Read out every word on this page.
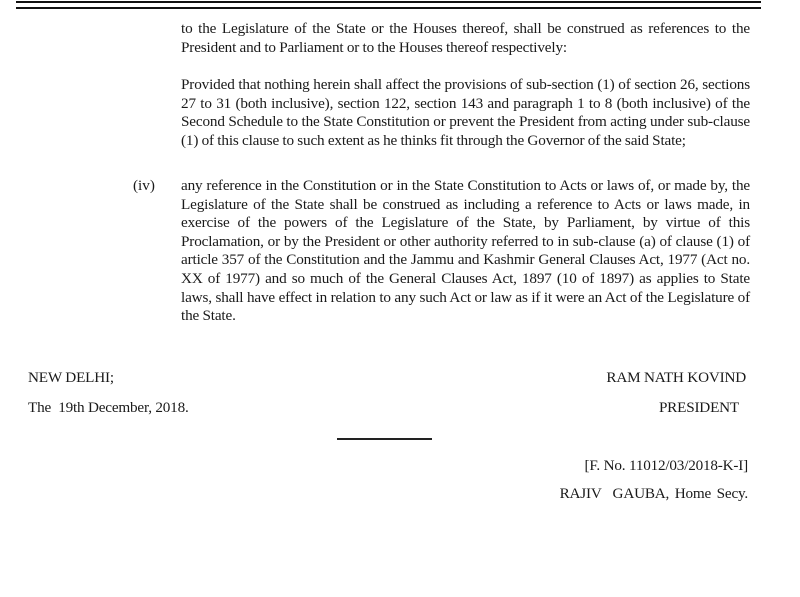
to the Legislature of the State or the Houses thereof, shall be construed as references to the President and to Parliament or to the Houses thereof respectively:
Provided that nothing herein shall affect the provisions of sub-section (1) of section 26, sections 27 to 31 (both inclusive), section 122, section 143 and paragraph 1 to 8 (both inclusive) of the Second Schedule to the State Constitution or prevent the President from acting under sub-clause (1) of this clause to such extent as he thinks fit through the Governor of the said State;
(iv) any reference in the Constitution or in the State Constitution to Acts or laws of, or made by, the Legislature of the State shall be construed as including a reference to Acts or laws made, in exercise of the powers of the Legislature of the State, by Parliament, by virtue of this Proclamation, or by the President or other authority referred to in sub-clause (a) of clause (1) of article 357 of the Constitution and the Jammu and Kashmir General Clauses Act, 1977 (Act no. XX of 1977) and so much of the General Clauses Act, 1897 (10 of 1897) as applies to State laws, shall have effect in relation to any such Act or law as if it were an Act of the Legislature of the State.
NEW DELHI;
The  19th December, 2018.
RAM NATH KOVIND
PRESIDENT
[F. No. 11012/03/2018-K-I]
RAJIV  GAUBA, Home Secy.
